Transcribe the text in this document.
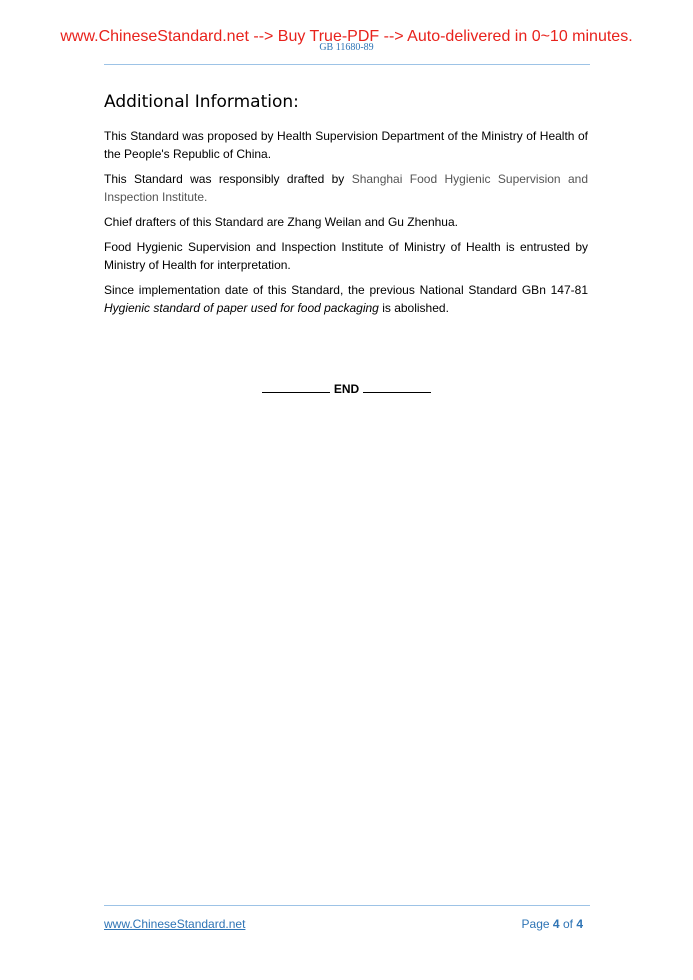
www.ChineseStandard.net --> Buy True-PDF --> Auto-delivered in 0~10 minutes.
GB 11680-89
Additional Information:

This Standard was proposed by Health Supervision Department of the Ministry of Health of the People's Republic of China.

This Standard was responsibly drafted by Shanghai Food Hygienic Supervision and Inspection Institute.

Chief drafters of this Standard are Zhang Weilan and Gu Zhenhua.

Food Hygienic Supervision and Inspection Institute of Ministry of Health is entrusted by Ministry of Health for interpretation.

Since implementation date of this Standard, the previous National Standard GBn 147-81 Hygienic standard of paper used for food packaging is abolished.

END
www.ChineseStandard.net	Page 4 of 4
